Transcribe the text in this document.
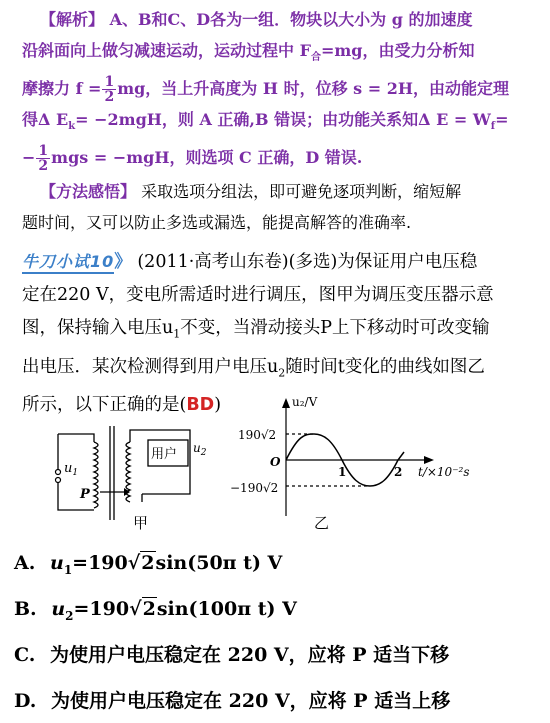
【解析】 A、B和C、D各为一组．物块以大小为 g 的加速度
沿斜面向上做匀减速运动，运动过程中 $F_合=mg$，由受力分析知
摩擦力 $f = \frac{1}{2}$ mg，当上升高度为 H 时，位移 s = 2H，由动能定理
得Δ $E_k= -2mgH$，则 A 正确,B 错误；由功能关系知Δ $E = W_f=$
− $\frac{1}{2}$ mgs = −mgH，则选项 C 正确，D 错误.
【方法感悟】 采取选项分组法，即可避免逐项判断，缩短解
题时间，又可以防止多选或漏选，能提高解答的准确率.
牛刀小试10》 (2011·高考山东卷)(多选)为保证用户电压稳
定在220 V，变电所需适时进行调压，图甲为调压变压器示意
图，保持输入电压$u_1$不变，当滑动接头P上下移动时可改变输
出电压．某次检测得到用户电压$u_2$随时间t变化的曲线如图乙
所示，以下正确的是(BD)
$u_1$
P
用户 $u_2$
甲
u₂/V
190√2
O
−190√2
1	2 t/×10⁻²s
乙
A. $u_1=190√2\sin(50\pi$ t) V
B. $u_2=190√2\sin(100\pi$ t) V
C. 为使用户电压稳定在 220 V，应将 P 适当下移
D. 为使用户电压稳定在 220 V，应将 P 适当上移
